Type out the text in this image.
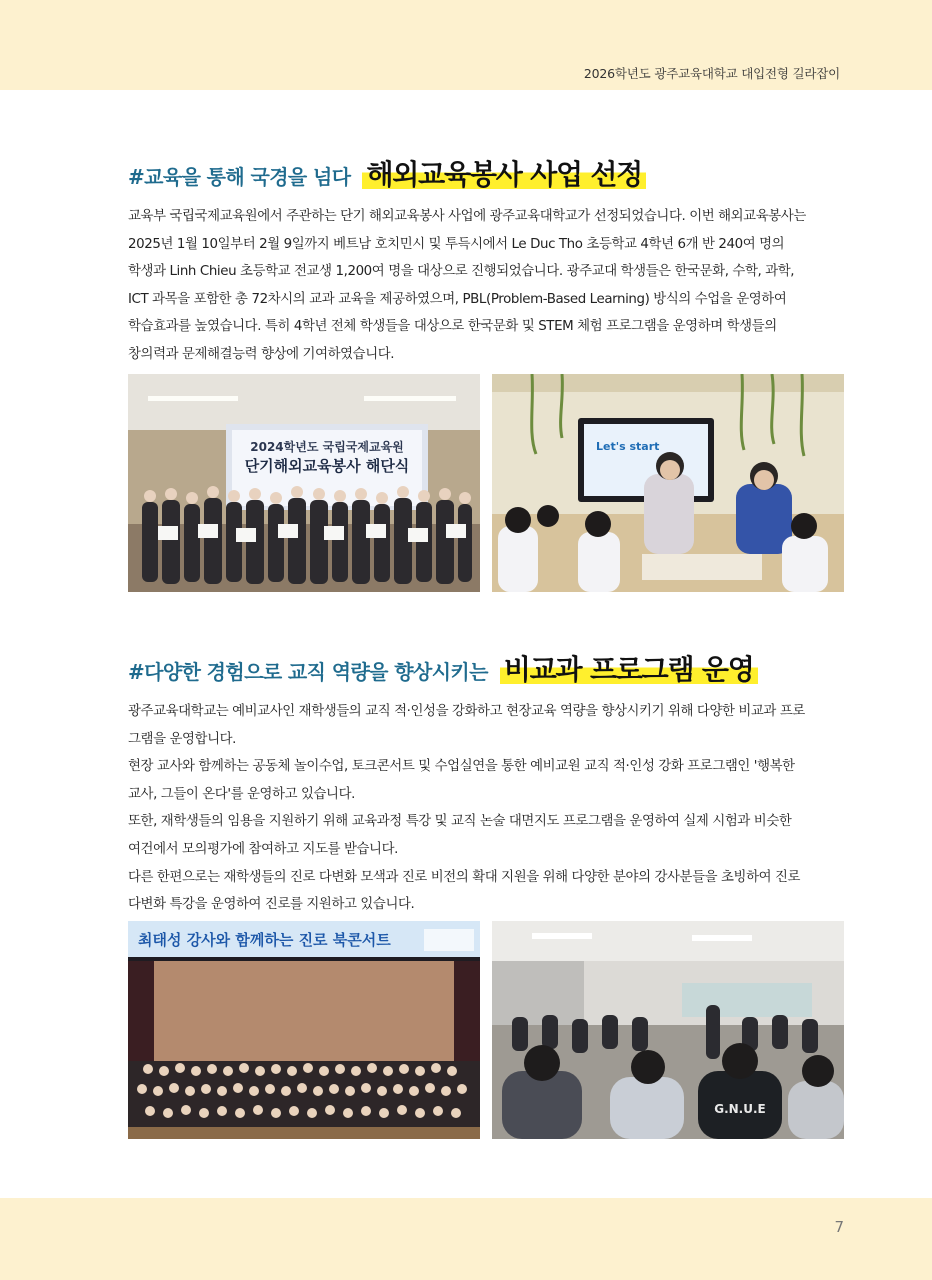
2026학년도 광주교육대학교 대입전형 길라잡이
#교육을 통해 국경을 넘다 해외교육봉사 사업 선정
교육부 국립국제교육원에서 주관하는 단기 해외교육봉사 사업에 광주교육대학교가 선정되었습니다. 이번 해외교육봉사는
2025년 1월 10일부터 2월 9일까지 베트남 호치민시 및 투득시에서 Le Duc Tho 초등학교 4학년 6개 반 240여 명의
학생과 Linh Chieu 초등학교 전교생 1,200여 명을 대상으로 진행되었습니다. 광주교대 학생들은 한국문화, 수학, 과학,
ICT 과목을 포함한 총 72차시의 교과 교육을 제공하였으며, PBL(Problem-Based Learning) 방식의 수업을 운영하여
학습효과를 높였습니다. 특히 4학년 전체 학생들을 대상으로 한국문화 및 STEM 체험 프로그램을 운영하며 학생들의
창의력과 문제해결능력 향상에 기여하였습니다.
2024학년도 국립국제교육원
단기해외교육봉사 해단식
Let's start
#다양한 경험으로 교직 역량을 향상시키는 비교과 프로그램 운영
광주교육대학교는 예비교사인 재학생들의 교직 적·인성을 강화하고 현장교육 역량을 향상시키기 위해 다양한 비교과 프로
그램을 운영합니다.
현장 교사와 함께하는 공동체 놀이수업, 토크콘서트 및 수업실연을 통한 예비교원 교직 적·인성 강화 프로그램인 '행복한
교사, 그들이 온다'를 운영하고 있습니다.
또한, 재학생들의 임용을 지원하기 위해 교육과정 특강 및 교직 논술 대면지도 프로그램을 운영하여 실제 시험과 비슷한
여건에서 모의평가에 참여하고 지도를 받습니다.
다른 한편으로는 재학생들의 진로 다변화 모색과 진로 비전의 확대 지원을 위해 다양한 분야의 강사분들을 초빙하여 진로
다변화 특강을 운영하여 진로를 지원하고 있습니다.
최태성 강사와 함께하는 진로 북콘서트
G.N.U.E
7
